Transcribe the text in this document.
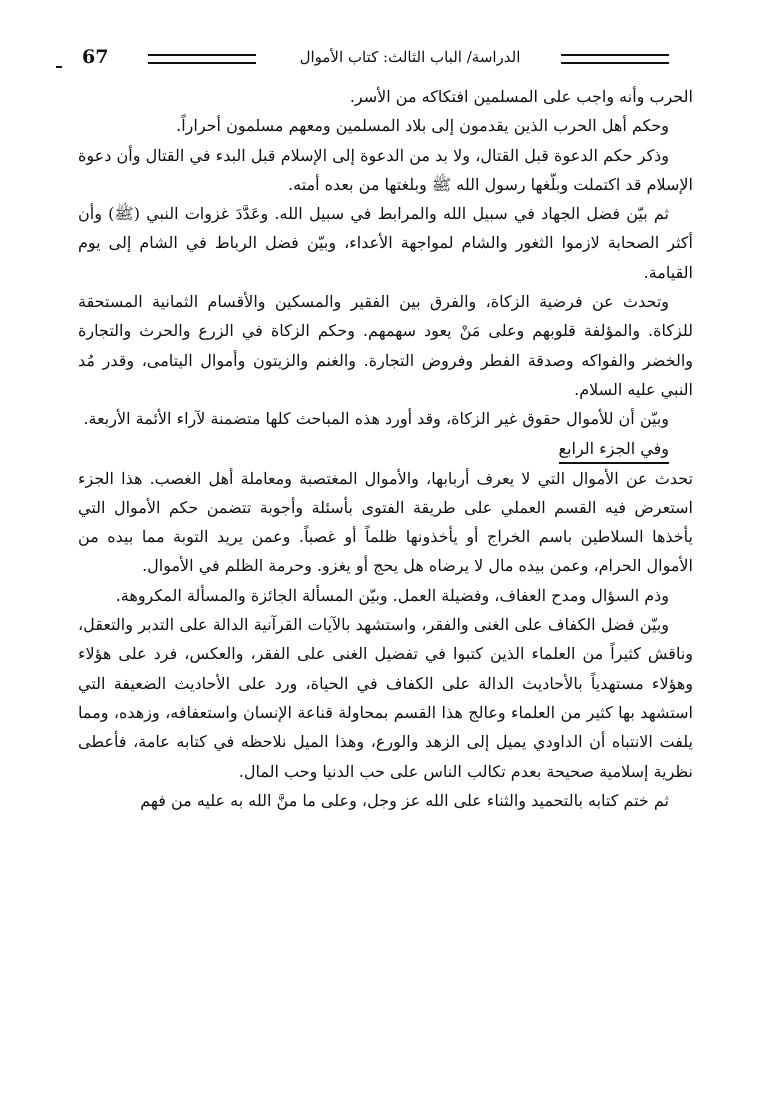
67	الدراسة/ الباب الثالث: كتاب الأموال

الحرب وأنه واجب على المسلمين افتكاكه من الأسر.

وحكم أهل الحرب الذين يقدمون إلى بلاد المسلمين ومعهم مسلمون أحراراً.

وذكر حكم الدعوة قبل القتال، ولا بد من الدعوة إلى الإسلام قبل البدء في القتال وأن دعوة الإسلام قد اكتملت وبلّغها رسول الله ﷺ وبلغتها من بعده أمته.

ثم بيّن فضل الجهاد في سبيل الله والمرابط في سبيل الله. وعَدَّدَ غزوات النبي (ﷺ) وأن أكثر الصحابة لازموا الثغور والشام لمواجهة الأعداء، وبيّن فضل الرباط في الشام إلى يوم القيامة.

وتحدث عن فرضية الزكاة، والفرق بين الفقير والمسكين والأقسام الثمانية المستحقة للزكاة. والمؤلفة قلوبهم وعلى مَنْ يعود سهمهم. وحكم الزكاة في الزرع والحرث والتجارة والخضر والفواكه وصدقة الفطر وفروض التجارة. والغنم والزيتون وأموال اليتامى، وقدر مُد النبي عليه السلام.

وبيّن أن للأموال حقوق غير الزكاة، وقد أورد هذه المباحث كلها متضمنة لآراء الأئمة الأربعة.

وفي الجزء الرابع

تحدث عن الأموال التي لا يعرف أربابها، والأموال المغتصبة ومعاملة أهل الغصب. هذا الجزء استعرض فيه القسم العملي على طريقة الفتوى بأسئلة وأجوبة تتضمن حكم الأموال التي يأخذها السلاطين باسم الخراج أو يأخذونها ظلماً أو غصباً. وعمن يريد التوبة مما بيده من الأموال الحرام، وعمن بيده مال لا يرضاه هل يحج أو يغزو. وحرمة الظلم في الأموال.

وذم السؤال ومدح العفاف، وفضيلة العمل. وبيّن المسألة الجائزة والمسألة المكروهة.

وبيّن فضل الكفاف على الغنى والفقر، واستشهد بالآيات القرآنية الدالة على التدبر والتعقل، وناقش كثيراً من العلماء الذين كتبوا في تفضيل الغنى على الفقر، والعكس، فرد على هؤلاء وهؤلاء مستهدياً بالأحاديث الدالة على الكفاف في الحياة، ورد على الأحاديث الضعيفة التي استشهد بها كثير من العلماء وعالج هذا القسم بمحاولة قناعة الإنسان واستعفافه، وزهده، ومما يلفت الانتباه أن الداودي يميل إلى الزهد والورع، وهذا الميل نلاحظه في كتابه عامة، فأعطى نظرية إسلامية صحيحة بعدم تكالب الناس على حب الدنيا وحب المال.

ثم ختم كتابه بالتحميد والثناء على الله عز وجل، وعلى ما منَّ الله به عليه من فهم
